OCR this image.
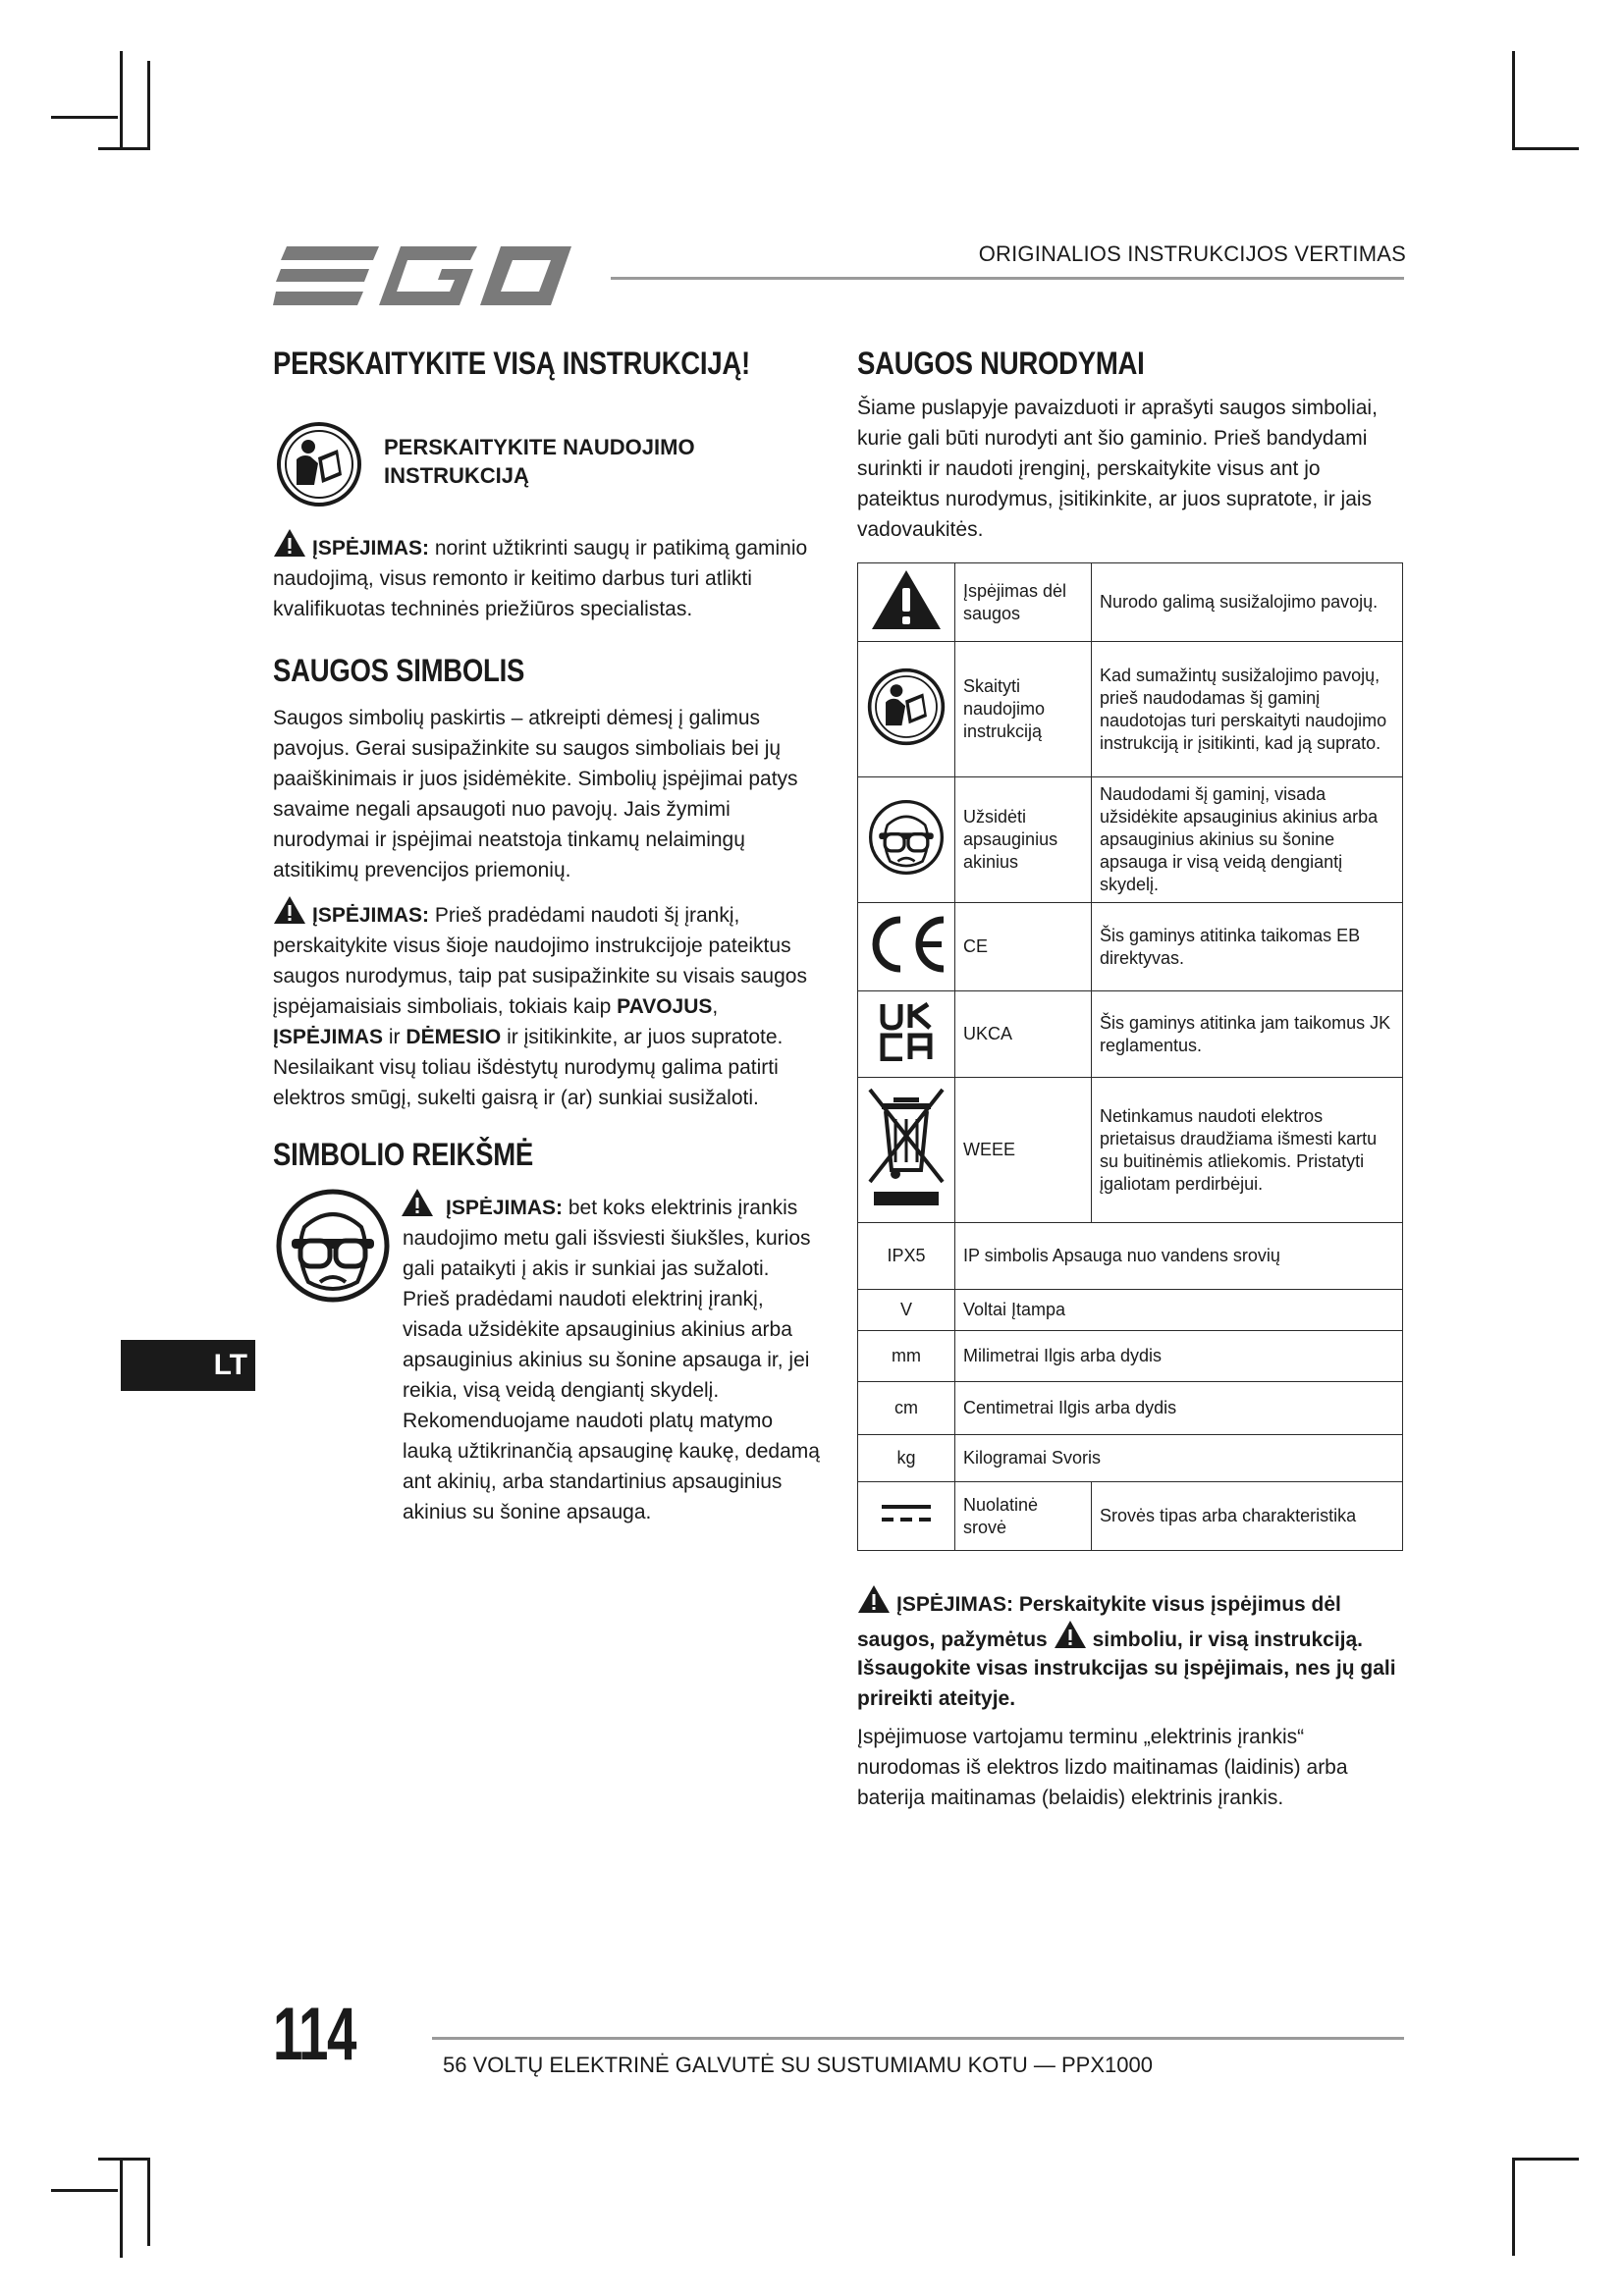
ORIGINALIOS INSTRUKCIJOS VERTIMAS
PERSKAITYKITE VISĄ INSTRUKCIJĄ!
PERSKAITYKITE NAUDOJIMO
INSTRUKCIJĄ
ĮSPĖJIMAS: norint užtikrinti saugų ir patikimą gaminio naudojimą, visus remonto ir keitimo darbus turi atlikti kvalifikuotas techninės priežiūros specialistas.
SAUGOS SIMBOLIS
Saugos simbolių paskirtis – atkreipti dėmesį į galimus pavojus. Gerai susipažinkite su saugos simboliais bei jų paaiškinimais ir juos įsidėmėkite. Simbolių įspėjimai patys savaime negali apsaugoti nuo pavojų. Jais žymimi nurodymai ir įspėjimai neatstoja tinkamų nelaimingų atsitikimų prevencijos priemonių.
ĮSPĖJIMAS: Prieš pradėdami naudoti šį įrankį, perskaitykite visus šioje naudojimo instrukcijoje pateiktus saugos nurodymus, taip pat susipažinkite su visais saugos įspėjamaisiais simboliais, tokiais kaip PAVOJUS, ĮSPĖJIMAS ir DĖMESIO ir įsitikinkite, ar juos supratote. Nesilaikant visų toliau išdėstytų nurodymų galima patirti elektros smūgį, sukelti gaisrą ir (ar) sunkiai susižaloti.
SIMBOLIO REIKŠMĖ
ĮSPĖJIMAS: bet koks elektrinis įrankis naudojimo metu gali išsviesti šiukšles, kurios gali pataikyti į akis ir sunkiai jas sužaloti. Prieš pradėdami naudoti elektrinį įrankį, visada užsidėkite apsauginius akinius arba apsauginius akinius su šonine apsauga ir, jei reikia, visą veidą dengiantį skydelį. Rekomenduojame naudoti platų matymo lauką užtikrinančią apsauginę kaukę, dedamą ant akinių, arba standartinius apsauginius akinius su šonine apsauga.
LT
SAUGOS NURODYMAI
Šiame puslapyje pavaizduoti ir aprašyti saugos simboliai, kurie gali būti nurodyti ant šio gaminio. Prieš bandydami surinkti ir naudoti įrenginį, perskaitykite visus ant jo pateiktus nurodymus, įsitikinkite, ar juos supratote, ir jais vadovaukitės.
	Įspėjimas dėl saugos	Nurodo galimą susižalojimo pavojų.
	Skaityti naudojimo instrukciją	Kad sumažintų susižalojimo pavojų, prieš naudodamas šį gaminį naudotojas turi perskaityti naudojimo instrukciją ir įsitikinti, kad ją suprato.
	Užsidėti apsauginius akinius	Naudodami šį gaminį, visada užsidėkite apsauginius akinius arba apsauginius akinius su šonine apsauga ir visą veidą dengiantį skydelį.
	CE	Šis gaminys atitinka taikomas EB direktyvas.
	UKCA	Šis gaminys atitinka jam taikomus JK reglamentus.
	WEEE	Netinkamus naudoti elektros prietaisus draudžiama išmesti kartu su buitinėmis atliekomis. Pristatyti įgaliotam perdirbėjui.
IPX5	IP simbolis Apsauga nuo vandens srovių	
V	Voltai Įtampa	
mm	Milimetrai Ilgis arba dydis	
cm	Centimetrai Ilgis arba dydis	
kg	Kilogramai Svoris	
	Nuolatinė srovė	Srovės tipas arba charakteristika
ĮSPĖJIMAS: Perskaitykite visus įspėjimus dėl saugos, pažymėtus simboliu, ir visą instrukciją.
Išsaugokite visas instrukcijas su įspėjimais, nes jų gali prireikti ateityje.
Įspėjimuose vartojamu terminu „elektrinis įrankis“ nurodomas iš elektros lizdo maitinamas (laidinis) arba baterija maitinamas (belaidis) elektrinis įrankis.
114	56 VOLTŲ ELEKTRINĖ GALVUTĖ SU SUSTUMIAMU KOTU — PPX1000
